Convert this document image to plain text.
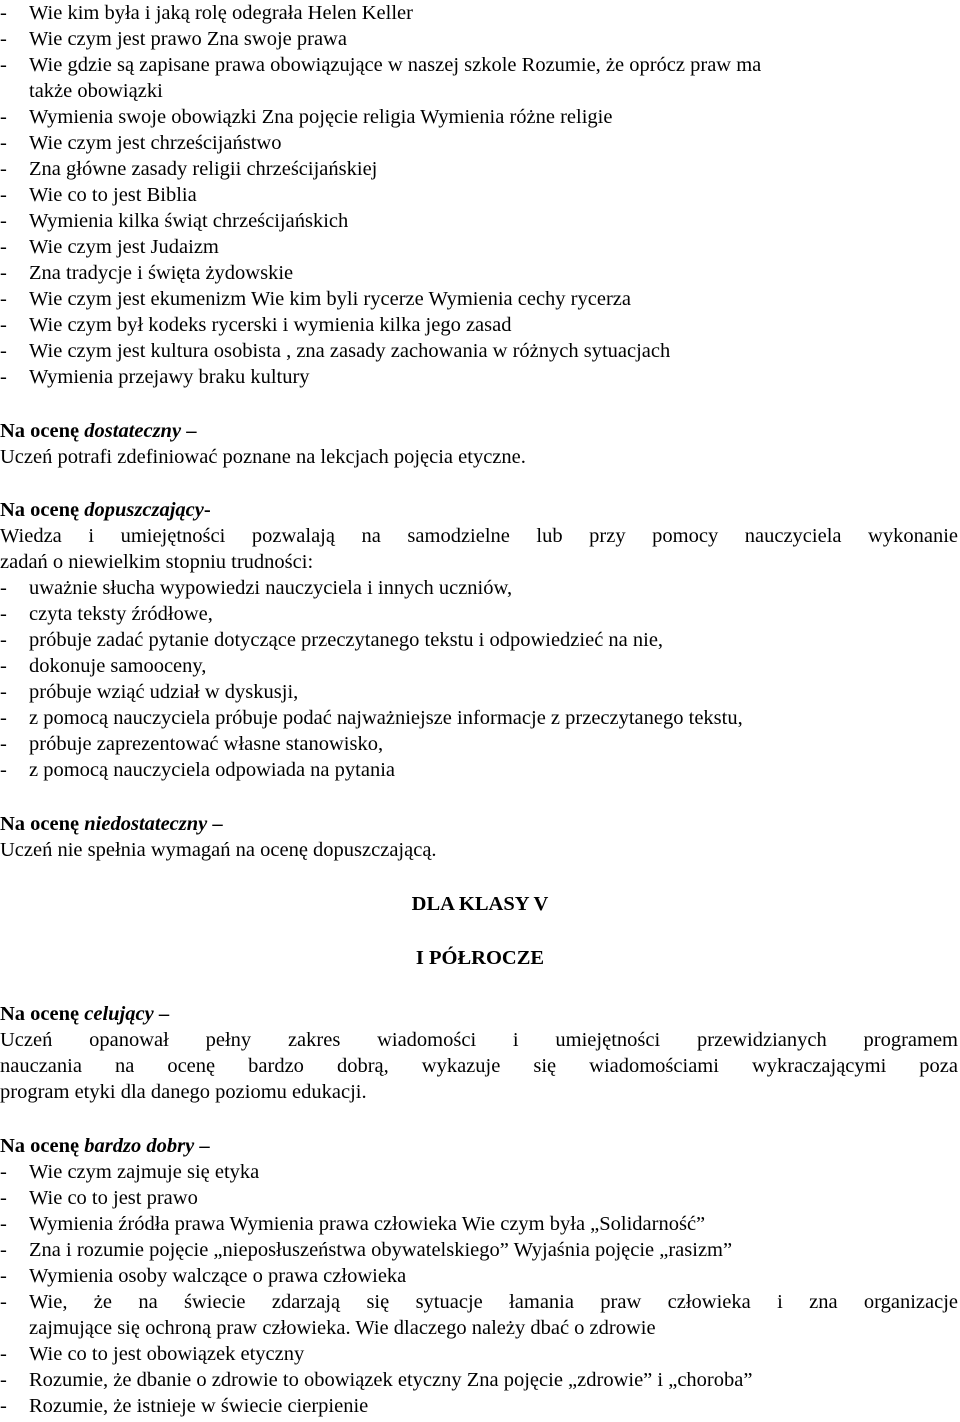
- Wie kim była i jaką rolę odegrała Helen Keller
- Wie czym jest prawo Zna swoje prawa
- Wie gdzie są zapisane prawa obowiązujące w naszej szkole Rozumie, że oprócz praw ma
także obowiązki
- Wymienia swoje obowiązki Zna pojęcie religia Wymienia różne religie
- Wie czym jest chrześcijaństwo
- Zna główne zasady religii chrześcijańskiej
- Wie co to jest Biblia
- Wymienia kilka świąt chrześcijańskich
- Wie czym jest Judaizm
- Zna tradycje i święta żydowskie
- Wie czym jest ekumenizm Wie kim byli rycerze Wymienia cechy rycerza
- Wie czym był kodeks rycerski i wymienia kilka jego zasad
- Wie czym jest kultura osobista , zna zasady zachowania w różnych sytuacjach
- Wymienia przejawy braku kultury
Na ocenę dostateczny –
Uczeń potrafi zdefiniować poznane na lekcjach pojęcia etyczne.
Na ocenę dopuszczający-
Wiedza i umiejętności pozwalają na samodzielne lub przy pomocy nauczyciela wykonanie
zadań o niewielkim stopniu trudności:
- uważnie słucha wypowiedzi nauczyciela i innych uczniów,
- czyta teksty źródłowe,
- próbuje zadać pytanie dotyczące przeczytanego tekstu i odpowiedzieć na nie,
- dokonuje samooceny,
- próbuje wziąć udział w dyskusji,
- z pomocą nauczyciela próbuje podać najważniejsze informacje z przeczytanego tekstu,
- próbuje zaprezentować własne stanowisko,
- z pomocą nauczyciela odpowiada na pytania
Na ocenę niedostateczny –
Uczeń nie spełnia wymagań na ocenę dopuszczającą.
DLA KLASY V
I PÓŁROCZE
Na ocenę celujący –
Uczeń opanował pełny zakres wiadomości i umiejętności przewidzianych programem
nauczania na ocenę bardzo dobrą, wykazuje się wiadomościami wykraczającymi poza
program etyki dla danego poziomu edukacji.
Na ocenę bardzo dobry –
- Wie czym zajmuje się etyka
- Wie co to jest prawo
- Wymienia źródła prawa Wymienia prawa człowieka Wie czym była „Solidarność”
- Zna i rozumie pojęcie „nieposłuszeństwa obywatelskiego” Wyjaśnia pojęcie „rasizm”
- Wymienia osoby walczące o prawa człowieka
-	Wie, że na świecie zdarzają się sytuacje łamania praw człowieka i zna organizacje
zajmujące się ochroną praw człowieka. Wie dlaczego należy dbać o zdrowie
- Wie co to jest obowiązek etyczny
- Rozumie, że dbanie o zdrowie to obowiązek etyczny Zna pojęcie „zdrowie” i „choroba”
- Rozumie, że istnieje w świecie cierpienie
